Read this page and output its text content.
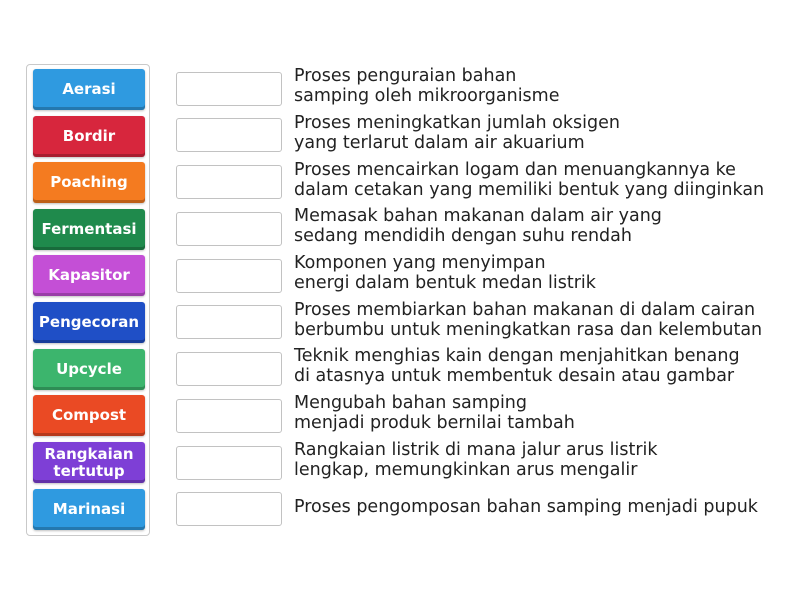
Aerasi
Bordir
Poaching
Fermentasi
Kapasitor
Pengecoran
Upcycle
Compost
Rangkaian tertutup
Marinasi
Proses penguraian bahan
samping oleh mikroorganisme
Proses meningkatkan jumlah oksigen
yang terlarut dalam air akuarium
Proses mencairkan logam dan menuangkannya ke
dalam cetakan yang memiliki bentuk yang diinginkan
Memasak bahan makanan dalam air yang
sedang mendidih dengan suhu rendah
Komponen yang menyimpan
energi dalam bentuk medan listrik
Proses membiarkan bahan makanan di dalam cairan
berbumbu untuk meningkatkan rasa dan kelembutan
Teknik menghias kain dengan menjahitkan benang
di atasnya untuk membentuk desain atau gambar
Mengubah bahan samping
menjadi produk bernilai tambah
Rangkaian listrik di mana jalur arus listrik
lengkap, memungkinkan arus mengalir
Proses pengomposan bahan samping menjadi pupuk
